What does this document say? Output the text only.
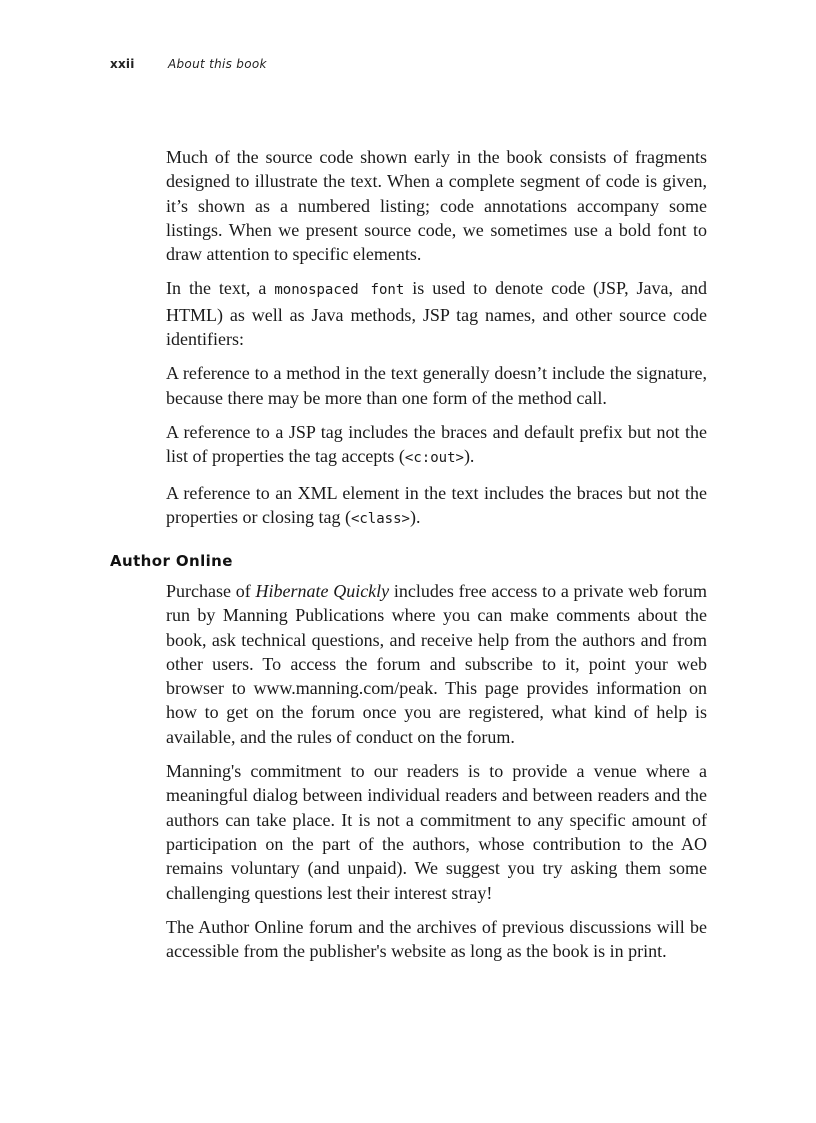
xxii	About this book

Much of the source code shown early in the book consists of fragments designed to illustrate the text. When a complete segment of code is given, it’s shown as a numbered listing; code annotations accompany some listings. When we present source code, we sometimes use a bold font to draw attention to specific elements.

In the text, a monospaced font is used to denote code (JSP, Java, and HTML) as well as Java methods, JSP tag names, and other source code identifiers:

A reference to a method in the text generally doesn’t include the signature, because there may be more than one form of the method call.

A reference to a JSP tag includes the braces and default prefix but not the list of properties the tag accepts (<c:out>).

A reference to an XML element in the text includes the braces but not the properties or closing tag (<class>).

Author Online

Purchase of Hibernate Quickly includes free access to a private web forum run by Manning Publications where you can make comments about the book, ask technical questions, and receive help from the authors and from other users. To access the forum and subscribe to it, point your web browser to www.manning.com/peak. This page provides information on how to get on the forum once you are registered, what kind of help is available, and the rules of conduct on the forum.

Manning's commitment to our readers is to provide a venue where a meaningful dialog between individual readers and between readers and the authors can take place. It is not a commitment to any specific amount of participation on the part of the authors, whose contribution to the AO remains voluntary (and unpaid). We suggest you try asking them some challenging questions lest their interest stray!

The Author Online forum and the archives of previous discussions will be accessible from the publisher's website as long as the book is in print.
